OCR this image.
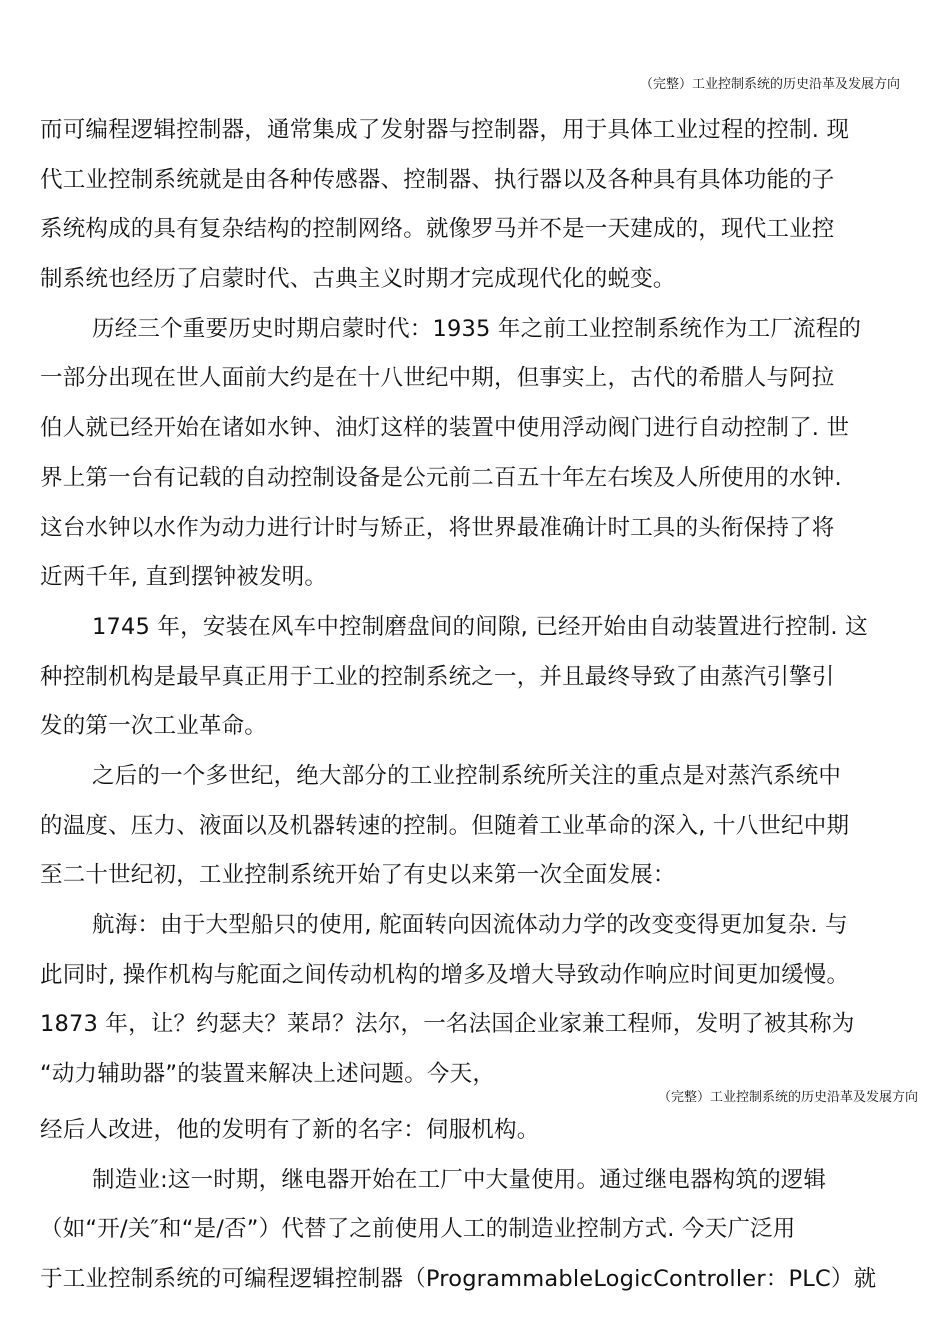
（完整）工业控制系统的历史沿革及发展方向
而可编程逻辑控制器，通常集成了发射器与控制器，用于具体工业过程的控制. 现
代工业控制系统就是由各种传感器、控制器、执行器以及各种具有具体功能的子
系统构成的具有复杂结构的控制网络。就像罗马并不是一天建成的，现代工业控
制系统也经历了启蒙时代、古典主义时期才完成现代化的蜕变。
历经三个重要历史时期启蒙时代：1935 年之前工业控制系统作为工厂流程的
一部分出现在世人面前大约是在十八世纪中期，但事实上，古代的希腊人与阿拉
伯人就已经开始在诸如水钟、油灯这样的装置中使用浮动阀门进行自动控制了. 世
界上第一台有记载的自动控制设备是公元前二百五十年左右埃及人所使用的水钟.
这台水钟以水作为动力进行计时与矫正，将世界最准确计时工具的头衔保持了将
近两千年, 直到摆钟被发明。
1745 年，安装在风车中控制磨盘间的间隙, 已经开始由自动装置进行控制. 这
种控制机构是最早真正用于工业的控制系统之一，并且最终导致了由蒸汽引擎引
发的第一次工业革命。
之后的一个多世纪，绝大部分的工业控制系统所关注的重点是对蒸汽系统中
的温度、压力、液面以及机器转速的控制。但随着工业革命的深入, 十八世纪中期
至二十世纪初，工业控制系统开始了有史以来第一次全面发展：
航海：由于大型船只的使用, 舵面转向因流体动力学的改变变得更加复杂. 与
此同时, 操作机构与舵面之间传动机构的增多及增大导致动作响应时间更加缓慢。
1873 年，让？约瑟夫？莱昂？法尔，一名法国企业家兼工程师，发明了被其称为
“动力辅助器”的装置来解决上述问题。今天，
（完整）工业控制系统的历史沿革及发展方向
经后人改进，他的发明有了新的名字：伺服机构。
制造业:这一时期，继电器开始在工厂中大量使用。通过继电器构筑的逻辑
（如“开/关″和“是/否”）代替了之前使用人工的制造业控制方式. 今天广泛用
于工业控制系统的可编程逻辑控制器（ProgrammableLogicController：PLC）就
